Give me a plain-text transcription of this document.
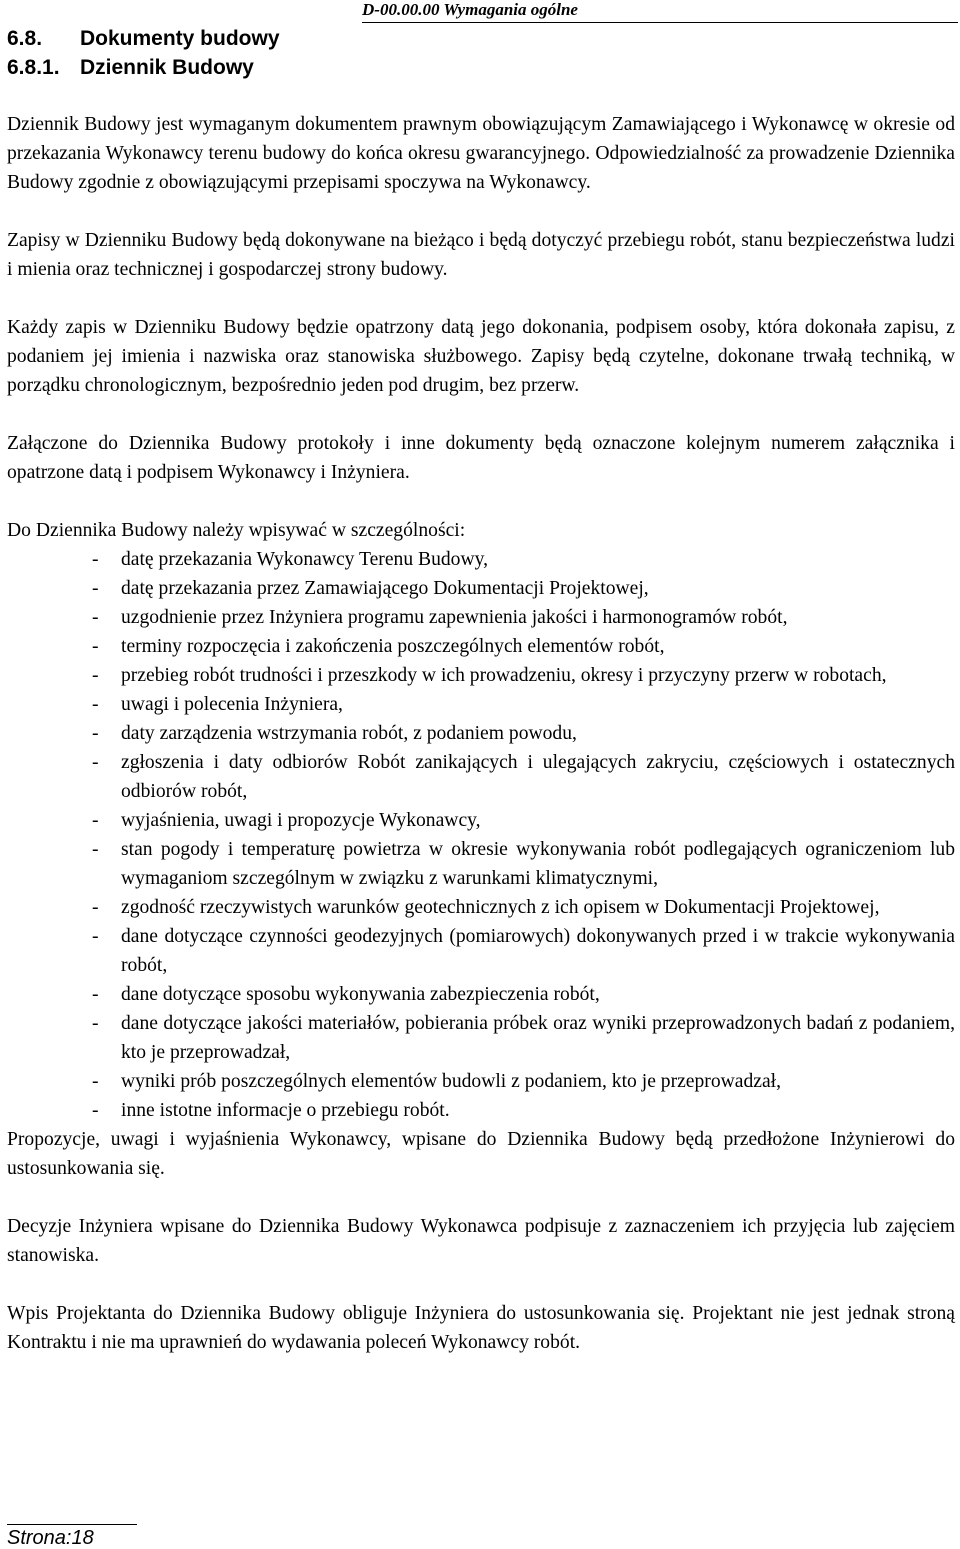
D-00.00.00 Wymagania ogólne
6.8. Dokumenty budowy
6.8.1. Dziennik Budowy

Dziennik Budowy jest wymaganym dokumentem prawnym obowiązującym Zamawiającego i Wykonawcę w okresie od przekazania Wykonawcy terenu budowy do końca okresu gwarancyjnego. Odpowiedzialność za prowadzenie Dziennika Budowy zgodnie z obowiązującymi przepisami spoczywa na Wykonawcy.

Zapisy w Dzienniku Budowy będą dokonywane na bieżąco i będą dotyczyć przebiegu robót, stanu bezpieczeństwa ludzi i mienia oraz technicznej i gospodarczej strony budowy.

Każdy zapis w Dzienniku Budowy będzie opatrzony datą jego dokonania, podpisem osoby, która dokonała zapisu, z podaniem jej imienia i nazwiska oraz stanowiska służbowego. Zapisy będą czytelne, dokonane trwałą techniką, w porządku chronologicznym, bezpośrednio jeden pod drugim, bez przerw.

Załączone do Dziennika Budowy protokoły i inne dokumenty będą oznaczone kolejnym numerem załącznika i opatrzone datą i podpisem Wykonawcy i Inżyniera.

Do Dziennika Budowy należy wpisywać w szczególności:

- datę przekazania Wykonawcy Terenu Budowy,
- datę przekazania przez Zamawiającego Dokumentacji Projektowej,
- uzgodnienie przez Inżyniera programu zapewnienia jakości i harmonogramów robót,
- terminy rozpoczęcia i zakończenia poszczególnych elementów robót,
- przebieg robót trudności i przeszkody w ich prowadzeniu, okresy i przyczyny przerw w robotach,
- uwagi i polecenia Inżyniera,
- daty zarządzenia wstrzymania robót, z podaniem powodu,
- zgłoszenia i daty odbiorów Robót zanikających i ulegających zakryciu, częściowych i ostatecznych odbiorów robót,
- wyjaśnienia, uwagi i propozycje Wykonawcy,
- stan pogody i temperaturę powietrza w okresie wykonywania robót podlegających ograniczeniom lub wymaganiom szczególnym w związku z warunkami klimatycznymi,
- zgodność rzeczywistych warunków geotechnicznych z ich opisem w Dokumentacji Projektowej,
- dane dotyczące czynności geodezyjnych (pomiarowych) dokonywanych przed i w trakcie wykonywania robót,
- dane dotyczące sposobu wykonywania zabezpieczenia robót,
- dane dotyczące jakości materiałów, pobierania próbek oraz wyniki przeprowadzonych badań z podaniem, kto je przeprowadzał,
- wyniki prób poszczególnych elementów budowli z podaniem, kto je przeprowadzał,
- inne istotne informacje o przebiegu robót.

Propozycje, uwagi i wyjaśnienia Wykonawcy, wpisane do Dziennika Budowy będą przedłożone Inżynierowi do ustosunkowania się.

Decyzje Inżyniera wpisane do Dziennika Budowy Wykonawca podpisuje z zaznaczeniem ich przyjęcia lub zajęciem stanowiska.

Wpis Projektanta do Dziennika Budowy obliguje Inżyniera do ustosunkowania się. Projektant nie jest jednak stroną Kontraktu i nie ma uprawnień do wydawania poleceń Wykonawcy robót.

Strona:18
